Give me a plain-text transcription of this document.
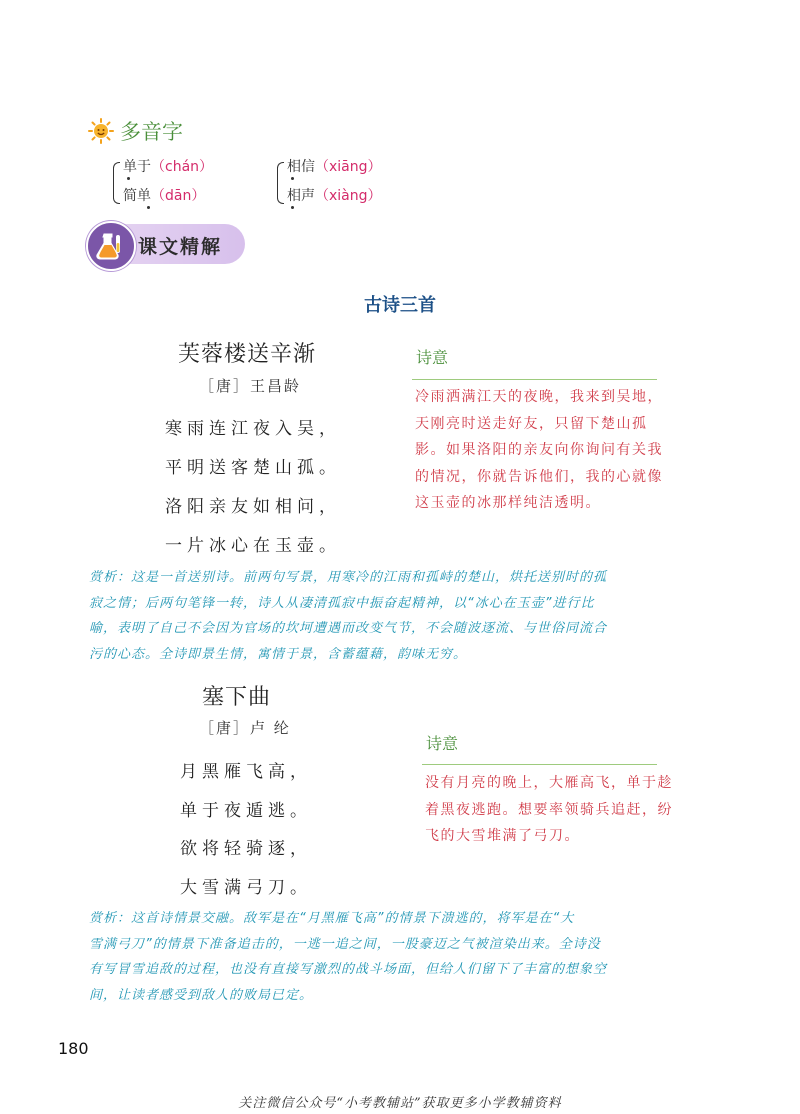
多音字
单于（chán）
简单（dān）
相信（xiāng）
相声（xiàng）
课文精解
古诗三首
芙蓉楼送辛渐
［唐］王昌龄
寒雨连江夜入吴，
平明送客楚山孤。
洛阳亲友如相问，
一片冰心在玉壶。
诗意
冷雨洒满江天的夜晚，我来到吴地，
天刚亮时送走好友，只留下楚山孤
影。如果洛阳的亲友向你询问有关我
的情况，你就告诉他们，我的心就像
这玉壶的冰那样纯洁透明。
赏析：这是一首送别诗。前两句写景，用寒冷的江雨和孤峙的楚山，烘托送别时的孤
寂之情；后两句笔锋一转，诗人从凄清孤寂中振奋起精神，以“冰心在玉壶”进行比
喻，表明了自己不会因为官场的坎坷遭遇而改变气节，不会随波逐流、与世俗同流合
污的心态。全诗即景生情，寓情于景，含蓄蕴藉，韵味无穷。
塞下曲
［唐］卢 纶
月黑雁飞高，
单于夜遁逃。
欲将轻骑逐，
大雪满弓刀。
诗意
没有月亮的晚上，大雁高飞，单于趁
着黑夜逃跑。想要率领骑兵追赶，纷
飞的大雪堆满了弓刀。
赏析：这首诗情景交融。敌军是在“月黑雁飞高”的情景下溃逃的，将军是在“大
雪满弓刀”的情景下准备追击的，一逃一追之间，一股豪迈之气被渲染出来。全诗没
有写冒雪追敌的过程，也没有直接写激烈的战斗场面，但给人们留下了丰富的想象空
间，让读者感受到敌人的败局已定。
180
关注微信公众号“小考教辅站”获取更多小学教辅资料
